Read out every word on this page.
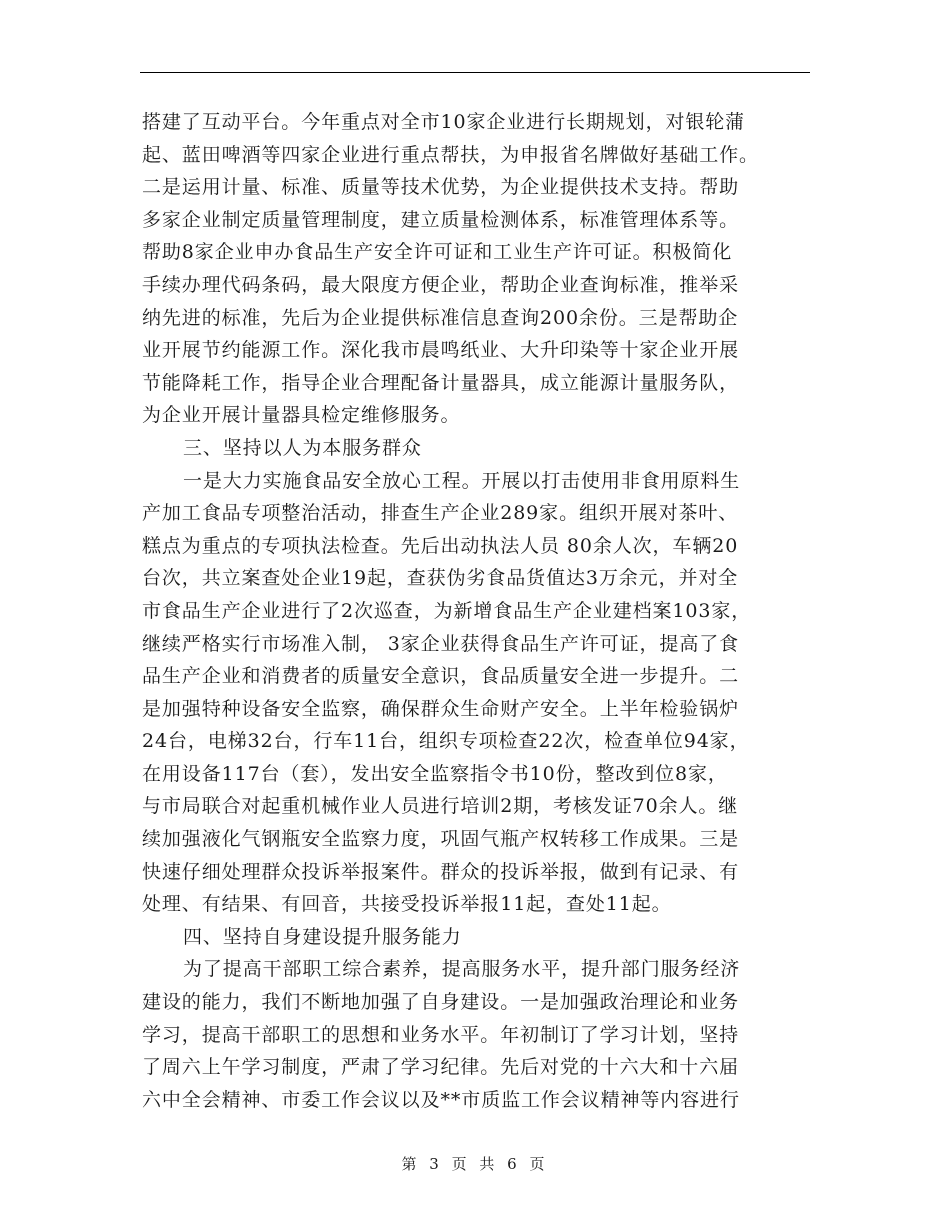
搭建了互动平台。今年重点对全市10家企业进行长期规划，对银轮蒲
起、蓝田啤酒等四家企业进行重点帮扶，为申报省名牌做好基础工作。
二是运用计量、标准、质量等技术优势，为企业提供技术支持。帮助
多家企业制定质量管理制度，建立质量检测体系，标准管理体系等。
帮助8家企业申办食品生产安全许可证和工业生产许可证。积极简化
手续办理代码条码，最大限度方便企业，帮助企业查询标准，推举采
纳先进的标准，先后为企业提供标准信息查询200余份。三是帮助企
业开展节约能源工作。深化我市晨鸣纸业、大升印染等十家企业开展
节能降耗工作，指导企业合理配备计量器具，成立能源计量服务队，
为企业开展计量器具检定维修服务。
三、坚持以人为本服务群众
一是大力实施食品安全放心工程。开展以打击使用非食用原料生
产加工食品专项整治活动，排查生产企业289家。组织开展对茶叶、
糕点为重点的专项执法检查。先后出动执法人员 80余人次，车辆20
台次，共立案查处企业19起，查获伪劣食品货值达3万余元，并对全
市食品生产企业进行了2次巡查，为新增食品生产企业建档案103家，
继续严格实行市场准入制， 3家企业获得食品生产许可证，提高了食
品生产企业和消费者的质量安全意识，食品质量安全进一步提升。二
是加强特种设备安全监察，确保群众生命财产安全。上半年检验锅炉
24台，电梯32台，行车11台，组织专项检查22次，检查单位94家，
在用设备117台（套），发出安全监察指令书10份，整改到位8家，
与市局联合对起重机械作业人员进行培训2期，考核发证70余人。继
续加强液化气钢瓶安全监察力度，巩固气瓶产权转移工作成果。三是
快速仔细处理群众投诉举报案件。群众的投诉举报，做到有记录、有
处理、有结果、有回音，共接受投诉举报11起，查处11起。
四、坚持自身建设提升服务能力
为了提高干部职工综合素养，提高服务水平，提升部门服务经济
建设的能力，我们不断地加强了自身建设。一是加强政治理论和业务
学习，提高干部职工的思想和业务水平。年初制订了学习计划，坚持
了周六上午学习制度，严肃了学习纪律。先后对党的十六大和十六届
六中全会精神、市委工作会议以及**市质监工作会议精神等内容进行
第 3 页 共 6 页
